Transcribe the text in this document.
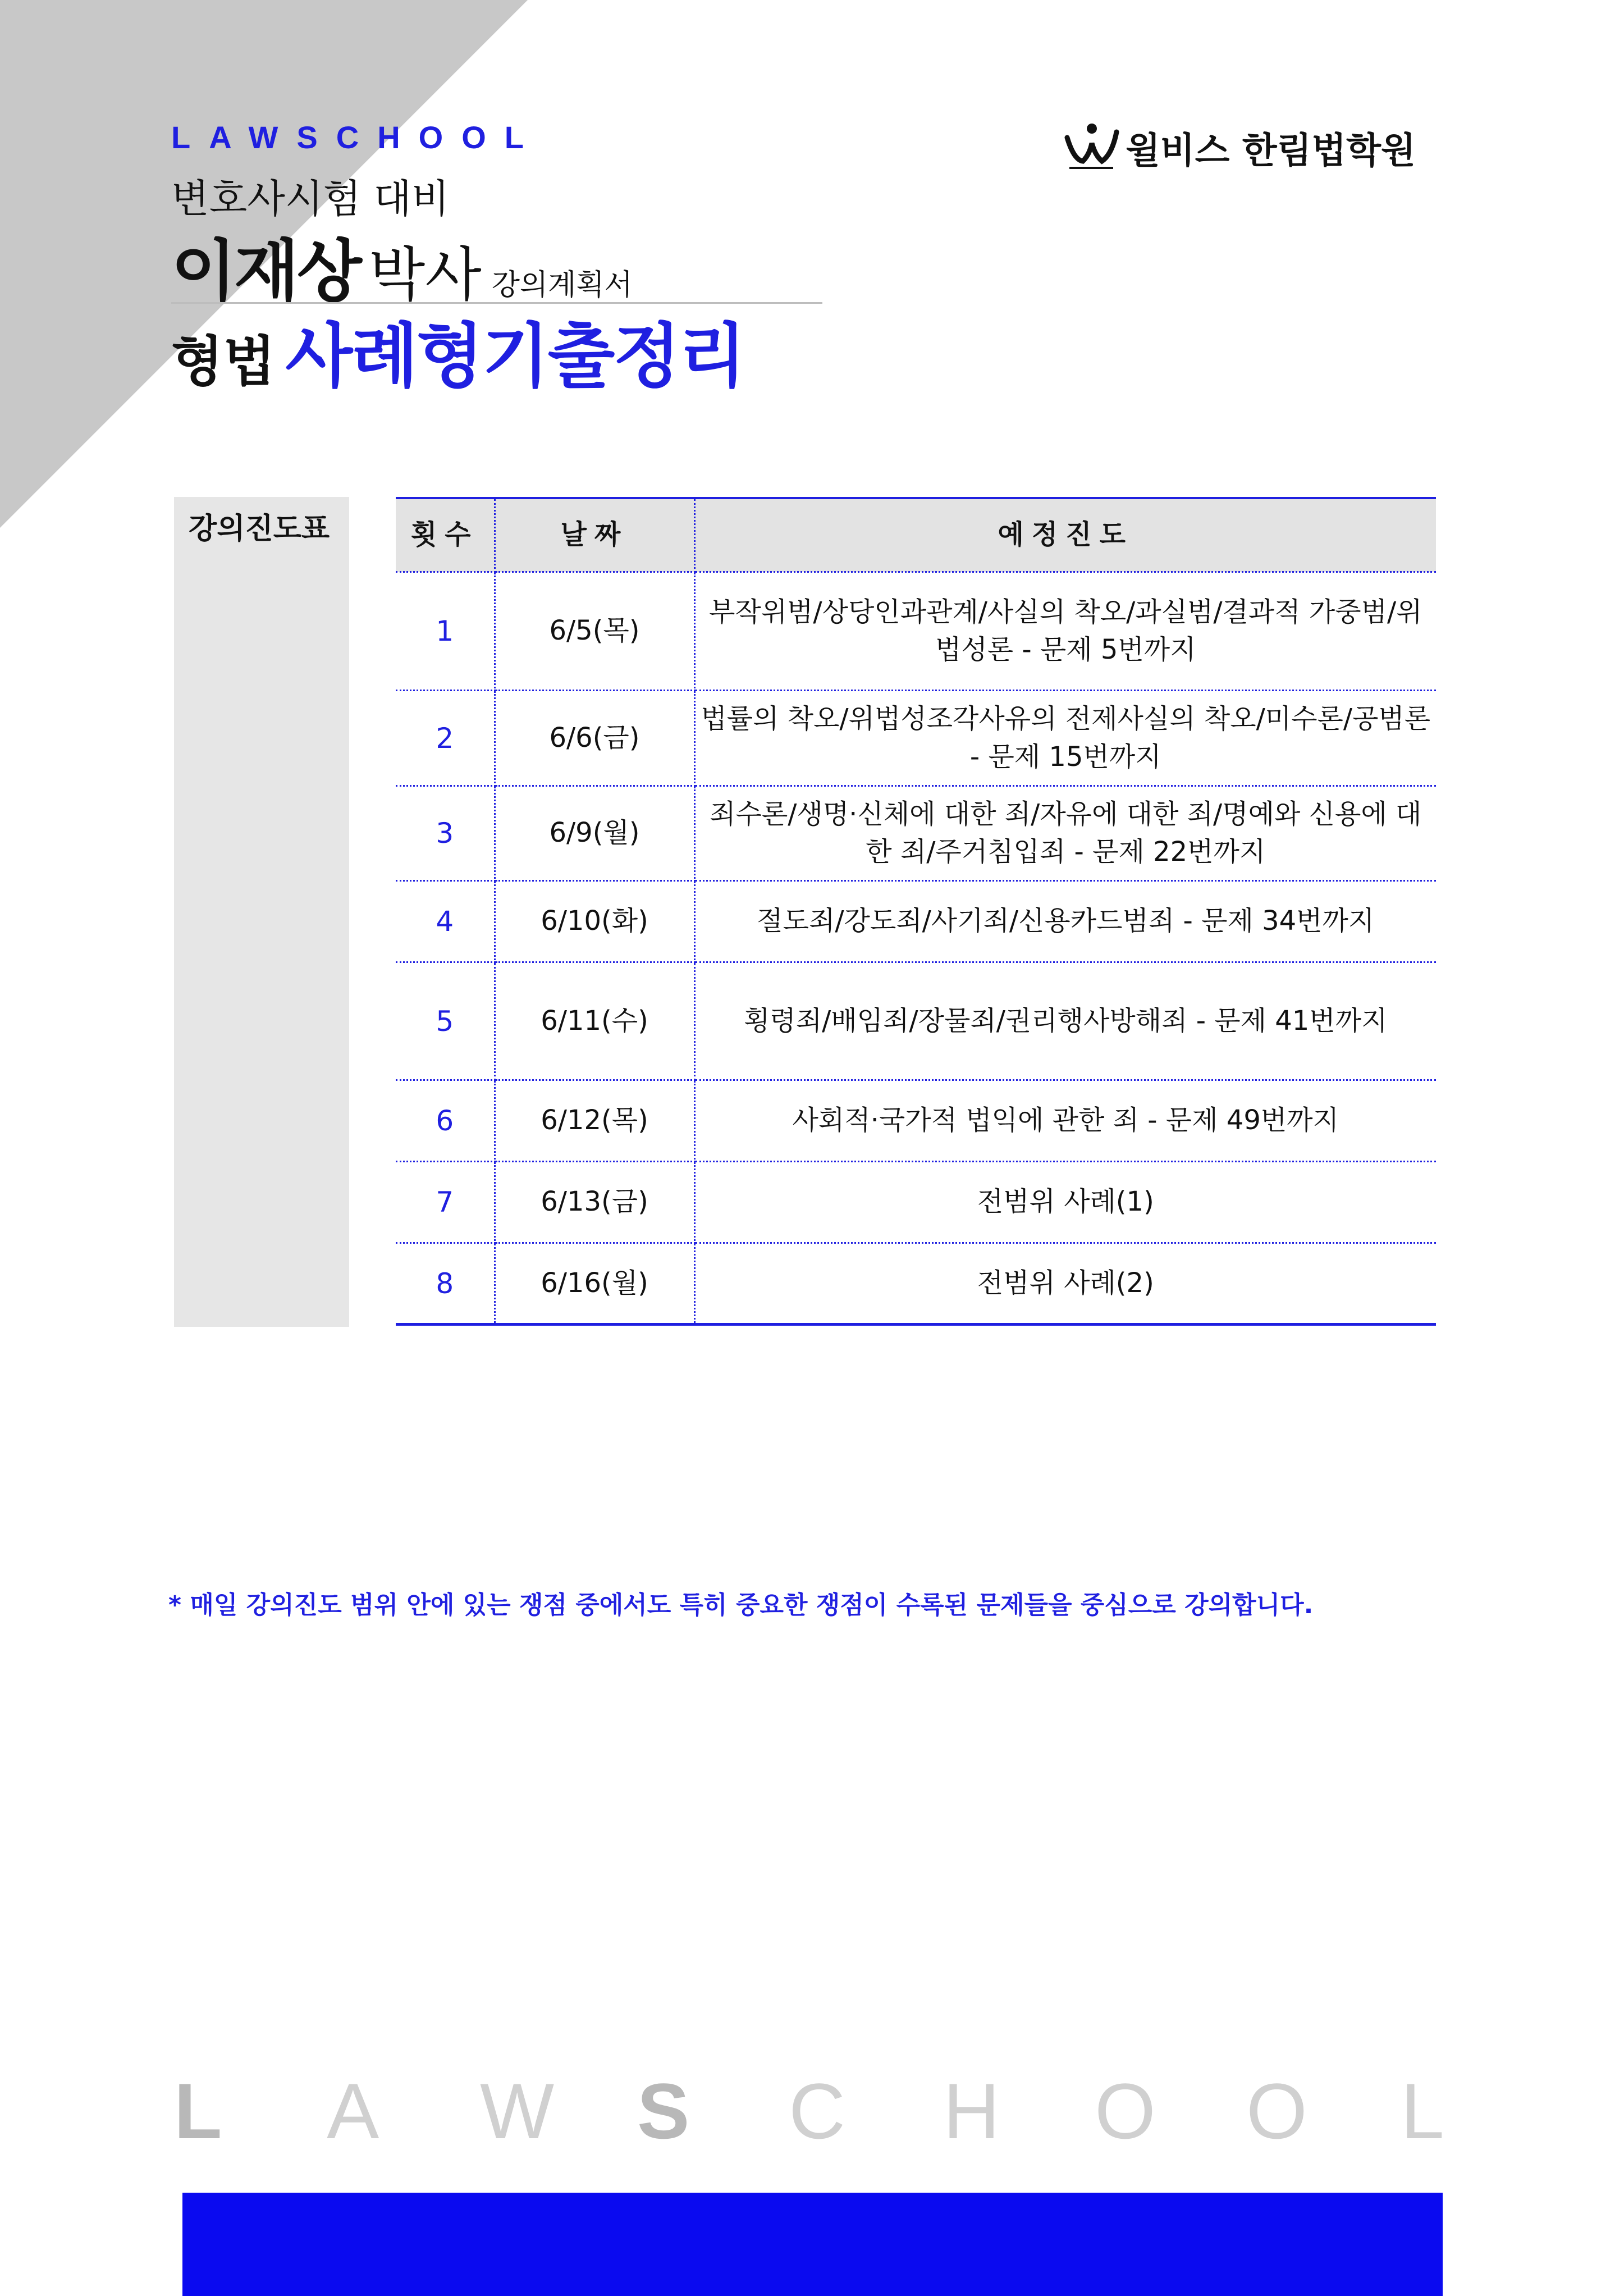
LAWSCHOOL
변호사시험 대비
이재상 박사 강의계획서
형법 사례형기출정리
윌비스 한림법학원
강의진도표	횟수	날짜	예정진도
1	6/5(목)	부작위범/상당인과관계/사실의 착오/과실범/결과적 가중범/위법성론 - 문제 5번까지
2	6/6(금)	법률의 착오/위법성조각사유의 전제사실의 착오/미수론/공범론 - 문제 15번까지
3	6/9(월)	죄수론/생명·신체에 대한 죄/자유에 대한 죄/명예와 신용에 대한 죄/주거침입죄 - 문제 22번까지
4	6/10(화)	절도죄/강도죄/사기죄/신용카드범죄 - 문제 34번까지
5	6/11(수)	횡령죄/배임죄/장물죄/권리행사방해죄 - 문제 41번까지
6	6/12(목)	사회적·국가적 법익에 관한 죄 - 문제 49번까지
7	6/13(금)	전범위 사례(1)
8	6/16(월)	전범위 사례(2)
* 매일 강의진도 범위 안에 있는 쟁점 중에서도 특히 중요한 쟁점이 수록된 문제들을 중심으로 강의합니다.
L A W S C H O O L
